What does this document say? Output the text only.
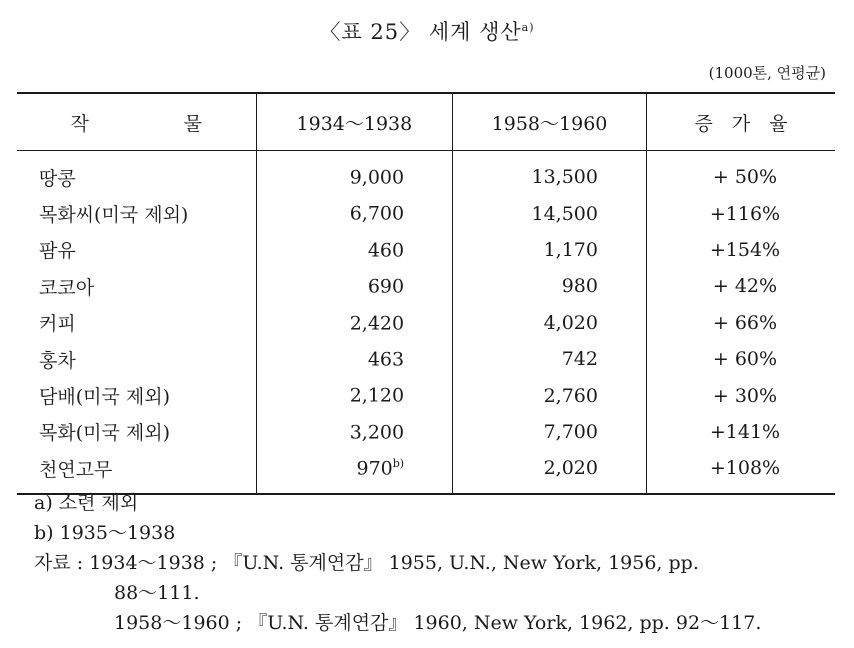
〈표 25〉 세계 생산$^{a)}$
(1000톤, 연평균)
작　　　　　물	1934～1938	1958～1960	증　가　율
땅콩	9,000	13,500	+ 50%
목화씨(미국 제외)	6,700	14,500	+116%
팜유	460	1,170	+154%
코코아	690	980	+ 42%
커피	2,420	4,020	+ 66%
홍차	463	742	+ 60%
담배(미국 제외)	2,120	2,760	+ 30%
목화(미국 제외)	3,200	7,700	+141%
천연고무	970$^{b)}$	2,020	+108%
a) 소련 제외
b) 1935～1938
자료 : 1934～1938 ; 『U.N. 통계연감』 1955, U.N., New York, 1956, pp.
88～111.
1958～1960 ; 『U.N. 통계연감』 1960, New York, 1962, pp. 92～117.
